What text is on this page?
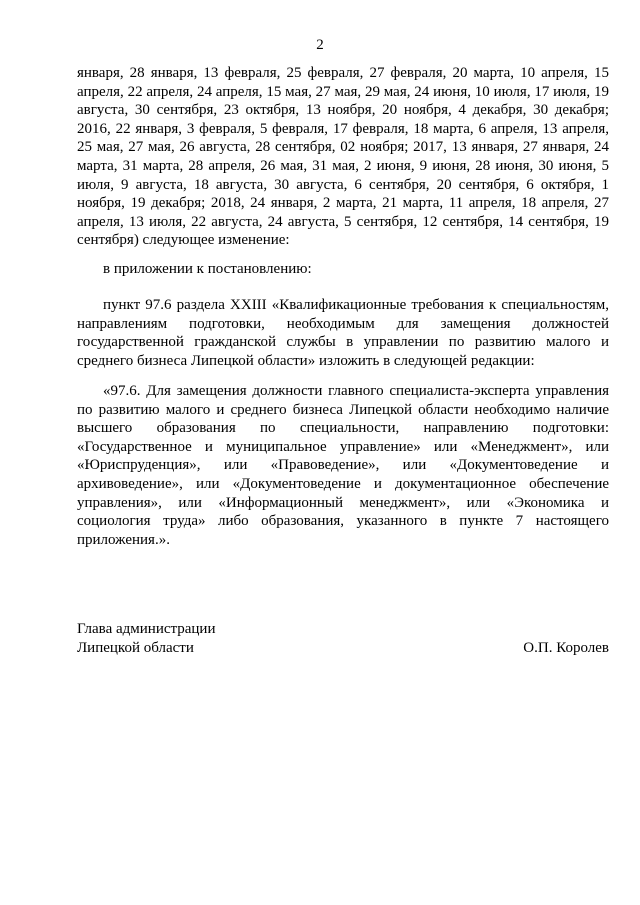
2

января, 28 января, 13 февраля, 25 февраля, 27 февраля, 20 марта, 10 апреля, 15 апреля, 22 апреля, 24 апреля, 15 мая, 27 мая, 29 мая, 24 июня, 10 июля, 17 июля, 19 августа, 30 сентября, 23 октября, 13 ноября, 20 ноября, 4 декабря, 30 декабря; 2016, 22 января, 3 февраля, 5 февраля, 17 февраля, 18 марта, 6 апреля, 13 апреля, 25 мая, 27 мая, 26 августа, 28 сентября, 02 ноября; 2017, 13 января, 27 января, 24 марта, 31 марта, 28 апреля, 26 мая, 31 мая, 2 июня, 9 июня, 28 июня, 30 июня, 5 июля, 9 августа, 18 августа, 30 августа, 6 сентября, 20 сентября, 6 октября, 1 ноября, 19 декабря; 2018, 24 января, 2 марта, 21 марта, 11 апреля, 18 апреля, 27 апреля, 13 июля, 22 августа, 24 августа, 5 сентября, 12 сентября, 14 сентября, 19 сентября) следующее изменение:

в приложении к постановлению:

пункт 97.6 раздела XXIII «Квалификационные требования к специальностям, направлениям подготовки, необходимым для замещения должностей государственной гражданской службы в управлении по развитию малого и среднего бизнеса Липецкой области» изложить в следующей редакции:

«97.6. Для замещения должности главного специалиста-эксперта управления по развитию малого и среднего бизнеса Липецкой области необходимо наличие высшего образования по специальности, направлению подготовки: «Государственное и муниципальное управление» или «Менеджмент», или «Юриспруденция», или «Правоведение», или «Документоведение и архивоведение», или «Документоведение и документационное обеспечение управления», или «Информационный менеджмент», или «Экономика и социология труда» либо образования, указанного в пункте 7 настоящего приложения.».

Глава администрации
Липецкой области	О.П. Королев
